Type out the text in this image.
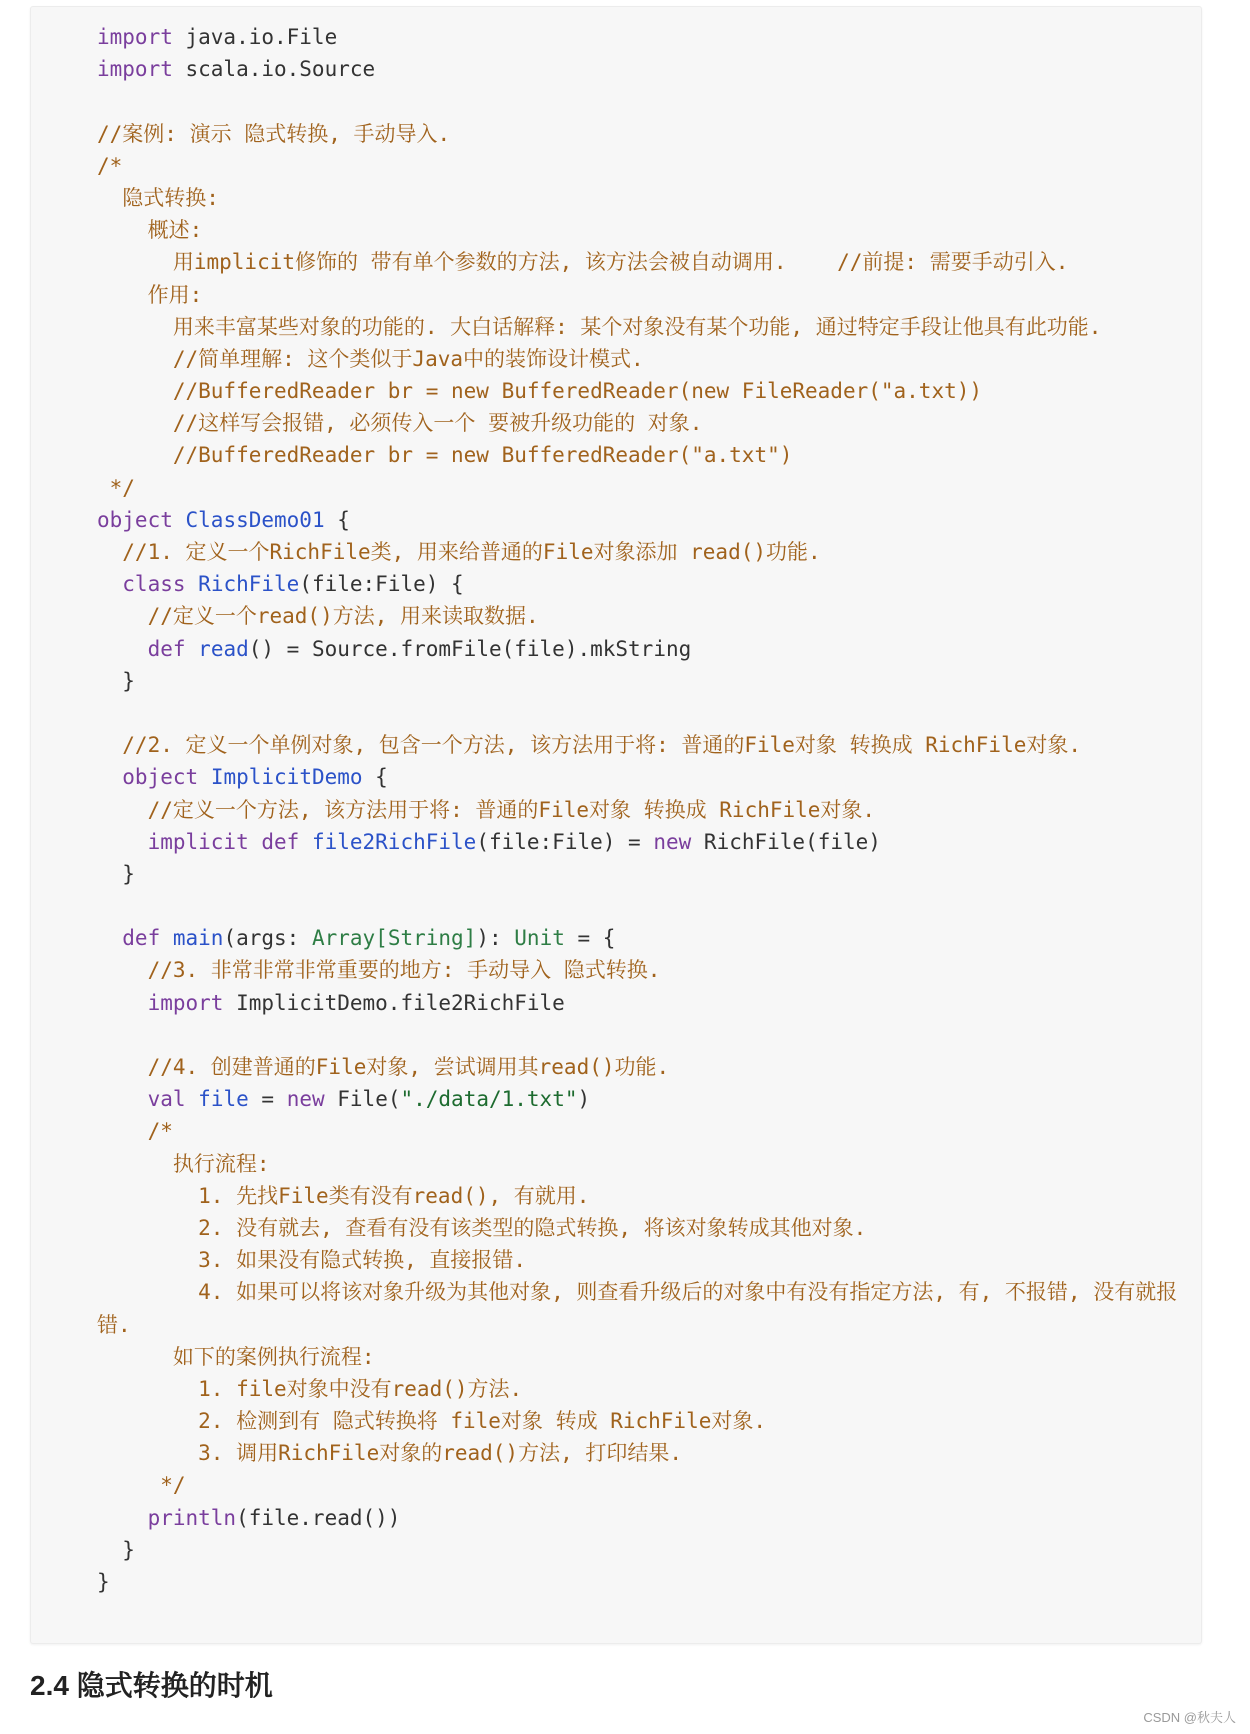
import java.io.File
import scala.io.Source
//案例: 演示 隐式转换, 手动导入.
/*
隐式转换:
概述:
用implicit修饰的 带有单个参数的方法, 该方法会被自动调用.    //前提: 需要手动引入.
作用:
用来丰富某些对象的功能的. 大白话解释: 某个对象没有某个功能, 通过特定手段让他具有此功能.
//简单理解: 这个类似于Java中的装饰设计模式.
//BufferedReader br = new BufferedReader(new FileReader("a.txt))
//这样写会报错, 必须传入一个 要被升级功能的 对象.
//BufferedReader br = new BufferedReader("a.txt")
*/
object ClassDemo01 {
//1. 定义一个RichFile类, 用来给普通的File对象添加 read()功能.
class RichFile(file:File) {
//定义一个read()方法, 用来读取数据.
def read() = Source.fromFile(file).mkString
}
//2. 定义一个单例对象, 包含一个方法, 该方法用于将: 普通的File对象 转换成 RichFile对象.
object ImplicitDemo {
//定义一个方法, 该方法用于将: 普通的File对象 转换成 RichFile对象.
implicit def file2RichFile(file:File) = new RichFile(file)
}
def main(args: Array[String]): Unit = {
//3. 非常非常非常重要的地方: 手动导入 隐式转换.
import ImplicitDemo.file2RichFile
//4. 创建普通的File对象, 尝试调用其read()功能.
val file = new File("./data/1.txt")
/*
执行流程:
1. 先找File类有没有read(), 有就用.
2. 没有就去, 查看有没有该类型的隐式转换, 将该对象转成其他对象.
3. 如果没有隐式转换, 直接报错.
4. 如果可以将该对象升级为其他对象, 则查看升级后的对象中有没有指定方法, 有, 不报错, 没有就报
错.
如下的案例执行流程:
1. file对象中没有read()方法.
2. 检测到有 隐式转换将 file对象 转成 RichFile对象.
3. 调用RichFile对象的read()方法, 打印结果.
*/
println(file.read())
}
}
2.4 隐式转换的时机
CSDN @秋夫人
